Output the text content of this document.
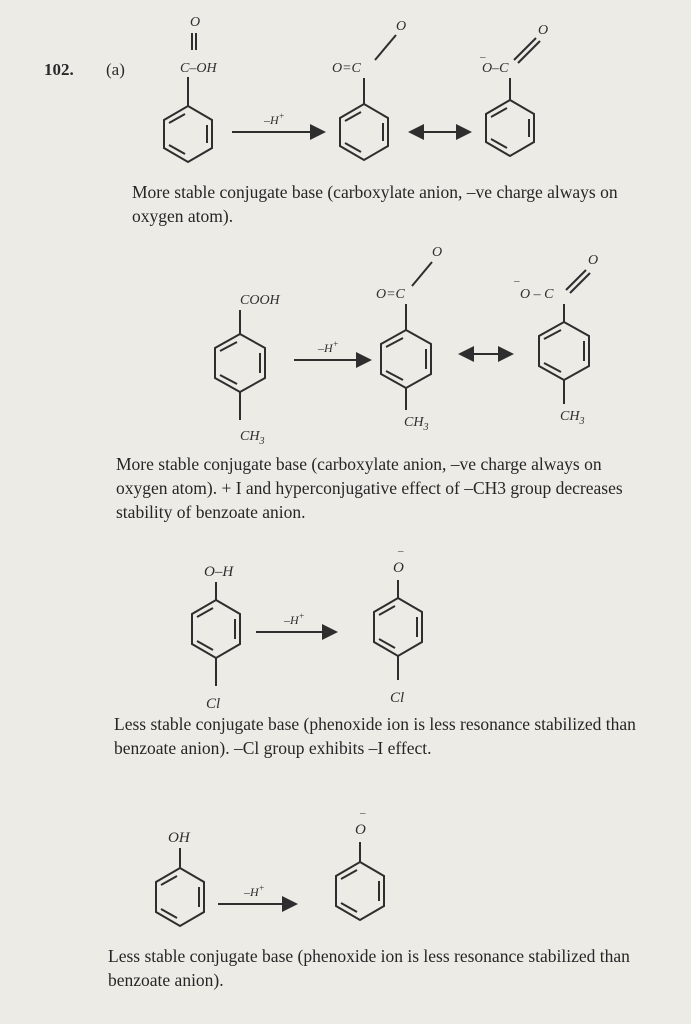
102. (a)
O
C–OH
–H+
O
O=C
O
–
O–C
COOH
$CH_3$
–H+
O
O=C
$CH_3$
O
–
O – C
$CH_3$
O–H
Cl
–H+
–
O
Cl
OH
–H+
–
O

More stable conjugate base (carboxylate anion, –ve charge always on oxygen atom).

More stable conjugate base (carboxylate anion, –ve charge always on oxygen atom). + I and hyperconjugative effect of –CH3 group decreases stability of benzoate anion.

Less stable conjugate base (phenoxide ion is less resonance stabilized than benzoate anion). –Cl group exhibits –I effect.

Less stable conjugate base (phenoxide ion is less resonance stabilized than benzoate anion).
